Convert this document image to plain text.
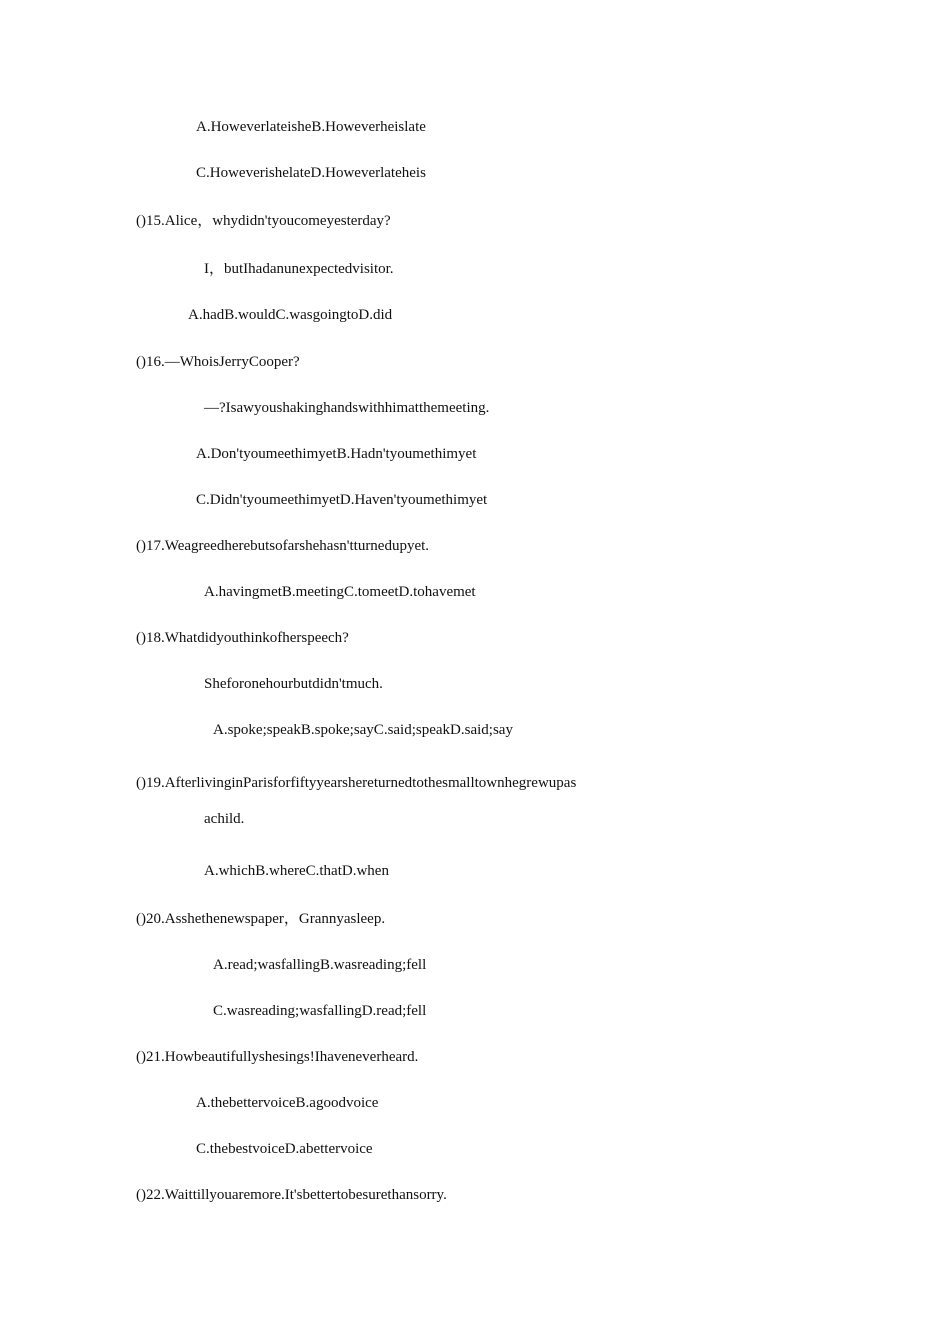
A.HoweverlateisheB.Howeverheislate
C.HoweverishelateD.Howeverlateheis
()15.Alice，whydidn'tyoucomeyesterday?
I，butIhadanunexpectedvisitor.
A.hadB.wouldC.wasgoingtoD.did
()16.—WhoisJerryCooper?
—?Isawyoushakinghandswithhimatthemeeting.
A.Don'tyoumeethimyetB.Hadn'tyoumethimyet
C.Didn'tyoumeethimyetD.Haven'tyoumethimyet
()17.Weagreedherebutsofarshehasn'tturnedupyet.
A.havingmetB.meetingC.tomeetD.tohavemet
()18.Whatdidyouthinkofherspeech?
Sheforonehourbutdidn'tmuch.
A.spoke;speakB.spoke;sayC.said;speakD.said;say
()19.AfterlivinginParisforfiftyyearshereturnedtothesmalltownhegrewupas
achild.
A.whichB.whereC.thatD.when
()20.Asshethenewspaper，Grannyasleep.
A.read;wasfallingB.wasreading;fell
C.wasreading;wasfallingD.read;fell
()21.Howbeautifullyshesings!Ihaveneverheard.
A.thebettervoiceB.agoodvoice
C.thebestvoiceD.abettervoice
()22.Waittillyouaremore.It'sbettertobesurethansorry.
